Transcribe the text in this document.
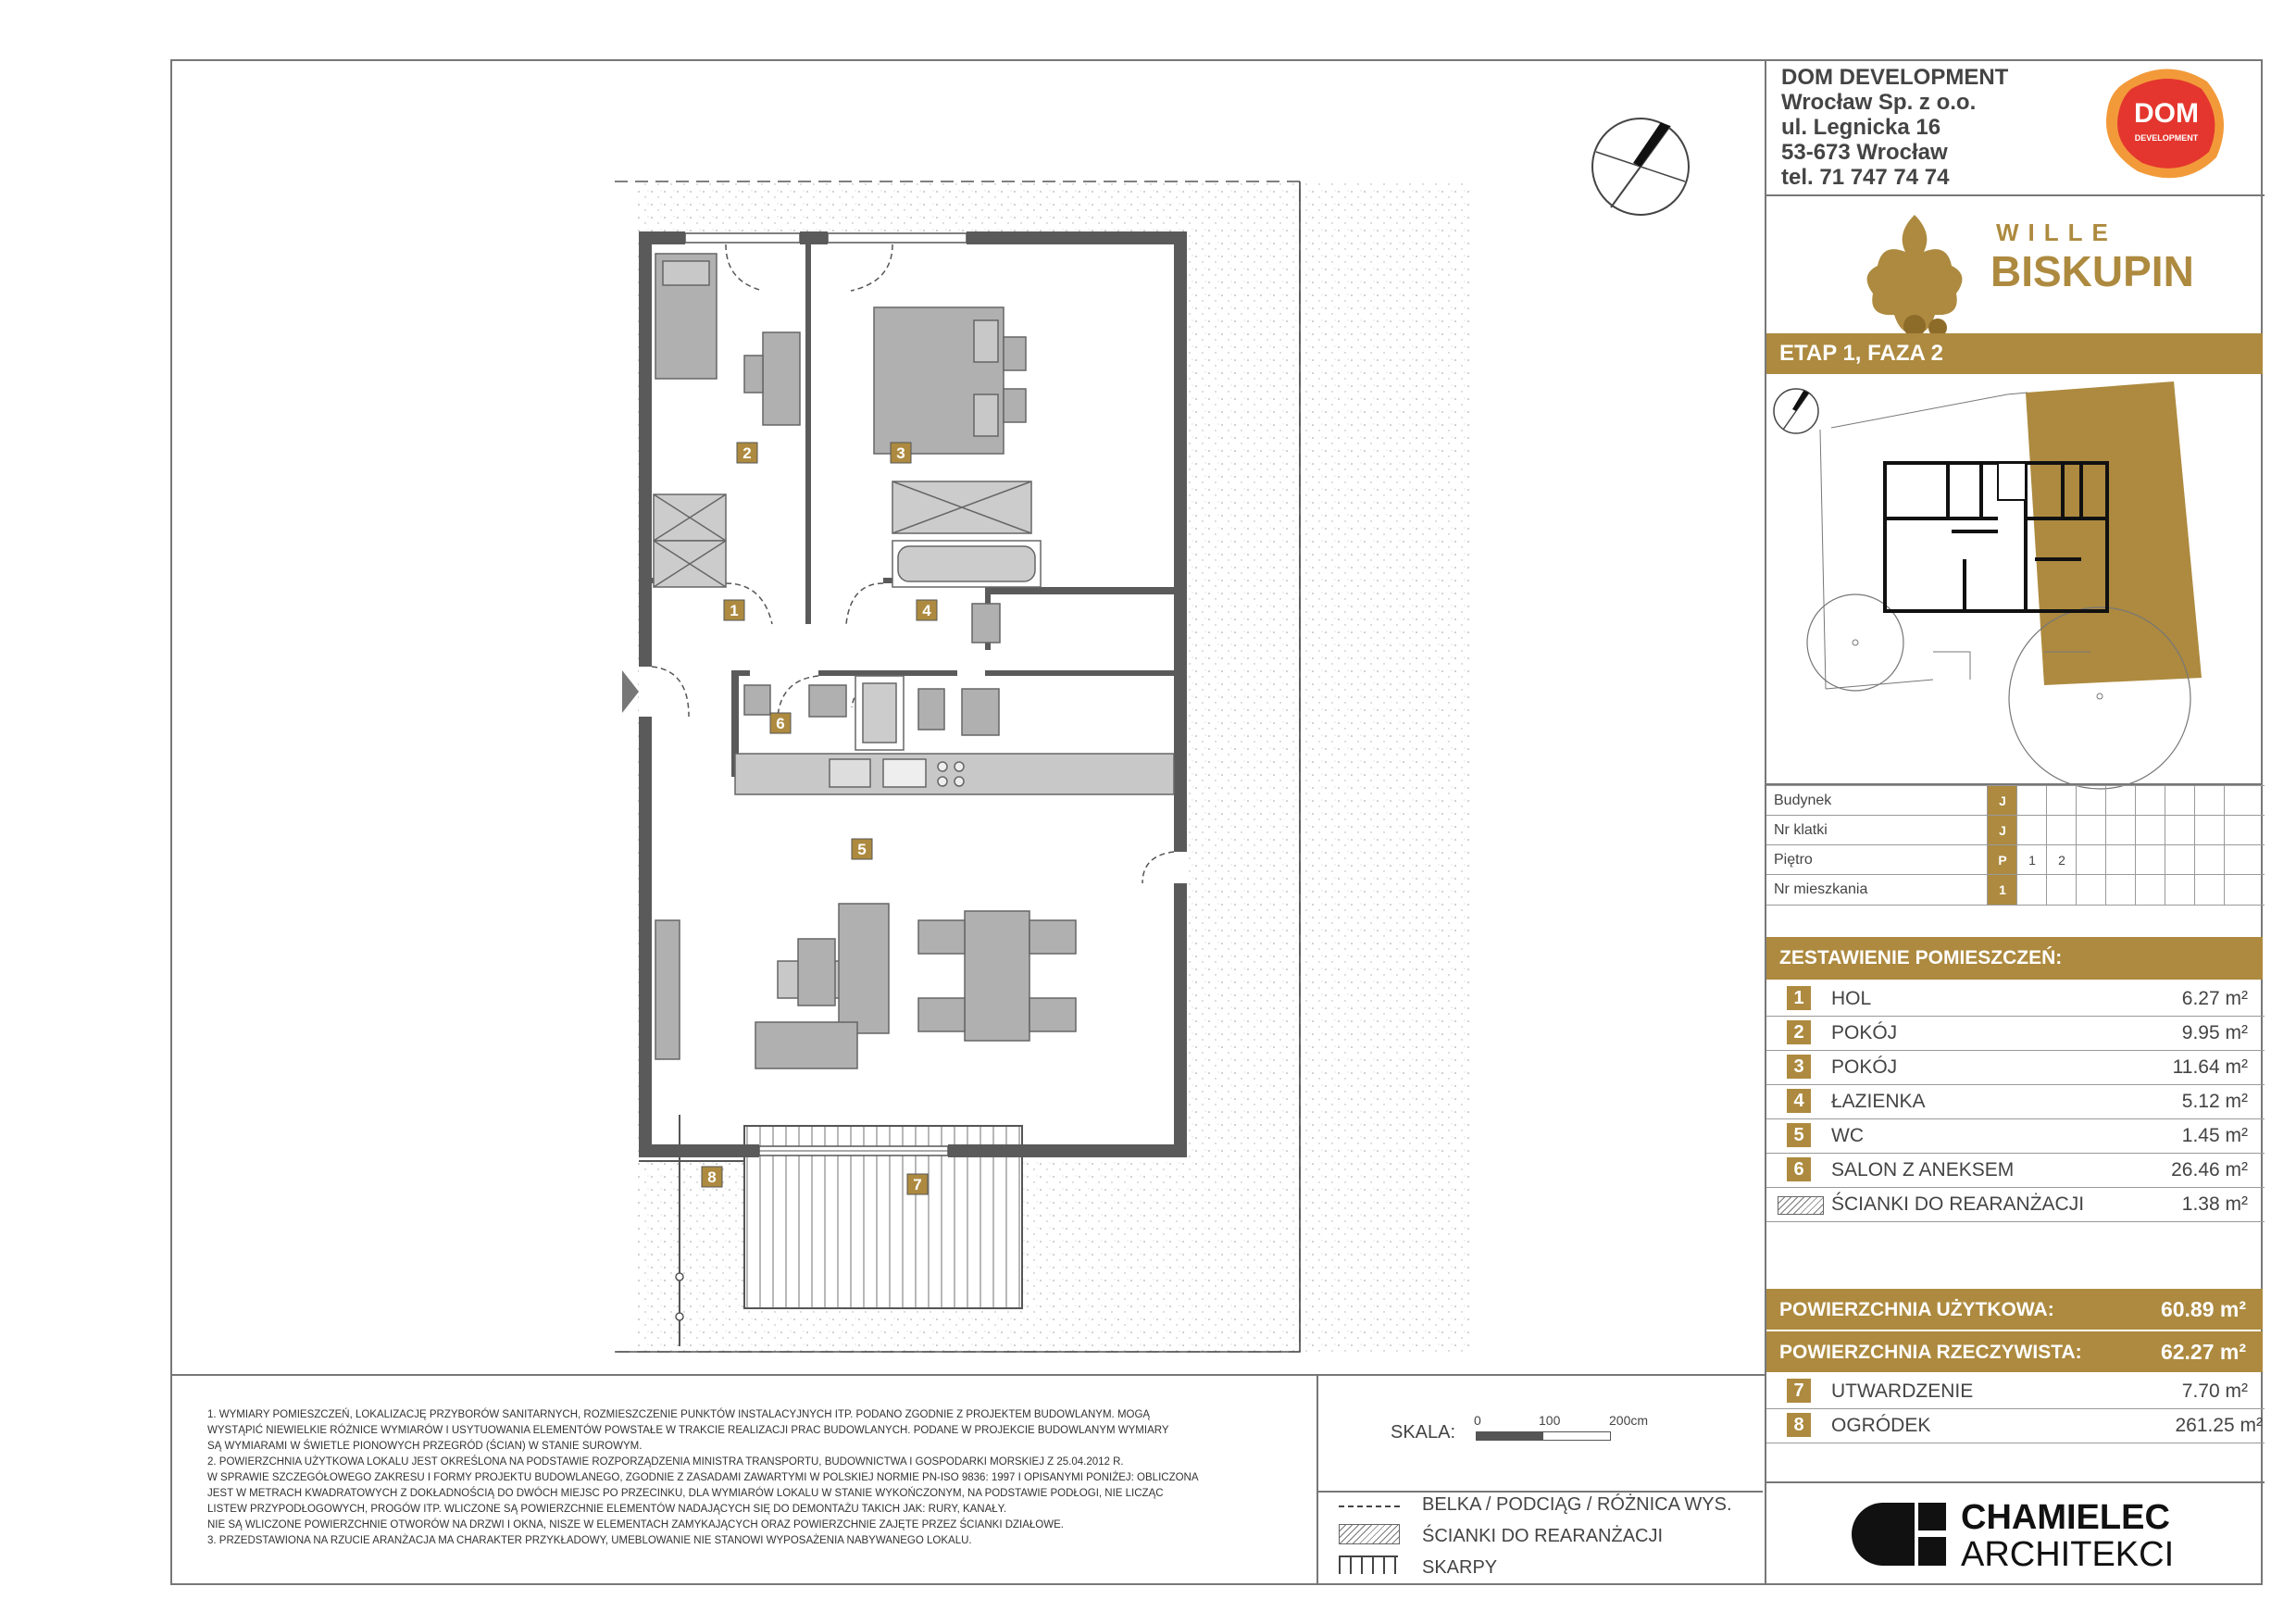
2	3
1	4
6
5
7
8
DOM DEVELOPMENT
Wrocław Sp. z o.o.
ul. Legnicka 16
53-673 Wrocław
tel. 71 747 74 74
DOM
DEVELOPMENT
WILLE
BISKUPIN
ETAP 1, FAZA 2
Budynek	J
Nr klatki	J
Piętro	P	1	2
Nr mieszkania	1
ZESTAWIENIE POMIESZCZEŃ:
1	HOL	6.27 m²
2	POKÓJ	9.95 m²
3	POKÓJ	11.64 m²
4	ŁAZIENKA	5.12 m²
5	WC	1.45 m²
6	SALON Z ANEKSEM	26.46 m²
ŚCIANKI DO REARANŻACJI	1.38 m²
POWIERZCHNIA UŻYTKOWA:	60.89 m²
POWIERZCHNIA RZECZYWISTA:	62.27 m²
7	UTWARDZENIE	7.70 m²
8	OGRÓDEK	261.25 m²
CHAMIELEC
ARCHITEKCI
1. WYMIARY POMIESZCZEŃ, LOKALIZACJĘ PRZYBORÓW SANITARNYCH, ROZMIESZCZENIE PUNKTÓW INSTALACYJNYCH ITP. PODANO ZGODNIE Z PROJEKTEM BUDOWLANYM. MOGĄ
WYSTĄPIĆ NIEWIELKIE RÓŻNICE WYMIARÓW I USYTUOWANIA ELEMENTÓW POWSTAŁE W TRAKCIE REALIZACJI PRAC BUDOWLANYCH. PODANE W PROJEKCIE BUDOWLANYM WYMIARY
SĄ WYMIARAMI W ŚWIETLE PIONOWYCH PRZEGRÓD (ŚCIAN) W STANIE SUROWYM.
2. POWIERZCHNIA UŻYTKOWA LOKALU JEST OKREŚLONA NA PODSTAWIE ROZPORZĄDZENIA MINISTRA TRANSPORTU, BUDOWNICTWA I GOSPODARKI MORSKIEJ Z 25.04.2012 R.
W SPRAWIE SZCZEGÓŁOWEGO ZAKRESU I FORMY PROJEKTU BUDOWLANEGO, ZGODNIE Z ZASADAMI ZAWARTYMI W POLSKIEJ NORMIE PN-ISO 9836: 1997 I OPISANYMI PONIŻEJ: OBLICZONA
JEST W METRACH KWADRATOWYCH Z DOKŁADNOŚCIĄ DO DWÓCH MIEJSC PO PRZECINKU, DLA WYMIARÓW LOKALU W STANIE WYKOŃCZONYM, NA PODSTAWIE PODŁOGI, NIE LICZĄC
LISTEW PRZYPODŁOGOWYCH, PROGÓW ITP. WLICZONE SĄ POWIERZCHNIE ELEMENTÓW NADAJĄCYCH SIĘ DO DEMONTAŻU TAKICH JAK: RURY, KANAŁY.
NIE SĄ WLICZONE POWIERZCHNIE OTWORÓW NA DRZWI I OKNA, NISZE W ELEMENTACH ZAMYKAJĄCYCH ORAZ POWIERZCHNIE ZAJĘTE PRZEZ ŚCIANKI DZIAŁOWE.
3. PRZEDSTAWIONA NA RZUCIE ARANŻACJA MA CHARAKTER PRZYKŁADOWY, UMEBLOWANIE NIE STANOWI WYPOSAŻENIA NABYWANEGO LOKALU.
SKALA:
0	100	200cm
BELKA / PODCIĄG / RÓŻNICA WYS.
ŚCIANKI DO REARANŻACJI
SKARPY
